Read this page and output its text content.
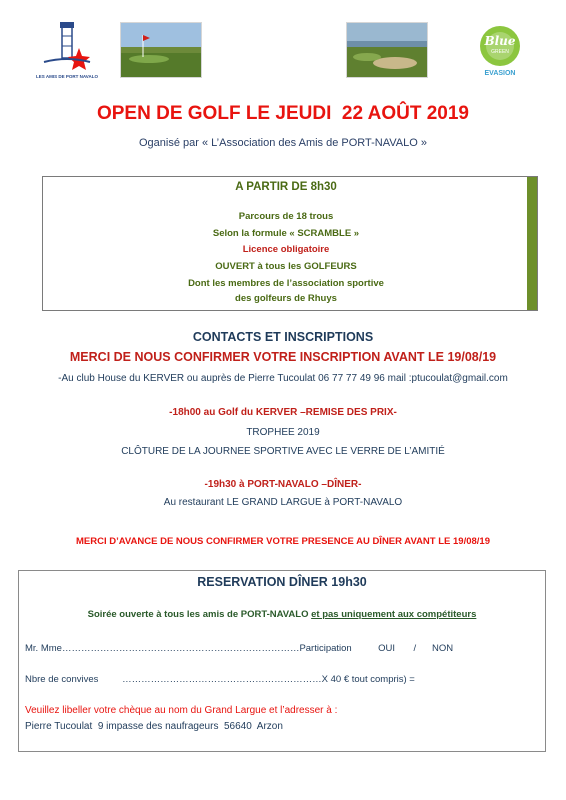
LES AMIS DE PORT NAVALO
Blue
GREEN
EVASION
OPEN DE GOLF LE JEUDI  22 AOÛT 2019
Oganisé par « L’Association des Amis de PORT-NAVALO »
A PARTIR DE 8h30
Parcours de 18 trous
Selon la formule « SCRAMBLE »
Licence obligatoire
OUVERT à tous les GOLFEURS
Dont les membres de l’association sportive
des golfeurs de Rhuys
CONTACTS ET INSCRIPTIONS
MERCI DE NOUS CONFIRMER VOTRE INSCRIPTION AVANT LE 19/08/19
-Au club House du KERVER ou auprès de Pierre Tucoulat 06 77 77 49 96 mail :ptucoulat@gmail.com
-18h00 au Golf du KERVER –REMISE DES PRIX-
TROPHEE 2019
CLÔTURE DE LA JOURNEE SPORTIVE AVEC LE VERRE DE L’AMITIÉ
-19h30 à PORT-NAVALO –DÎNER-
Au restaurant LE GRAND LARGUE à PORT-NAVALO
MERCI D’AVANCE DE NOUS CONFIRMER VOTRE PRESENCE AU DÎNER AVANT LE 19/08/19
RESERVATION DÎNER 19h30
Soirée ouverte à tous les amis de PORT-NAVALO et pas uniquement aux compétiteurs
Mr. Mme…………………………………………………………………Participation          OUI       /      NON
Nbre de convives         ………………………………………………………X 40 € tout compris) =
Veuillez libeller votre chèque au nom du Grand Largue et l’adresser à :
Pierre Tucoulat  9 impasse des naufrageurs  56640  Arzon
